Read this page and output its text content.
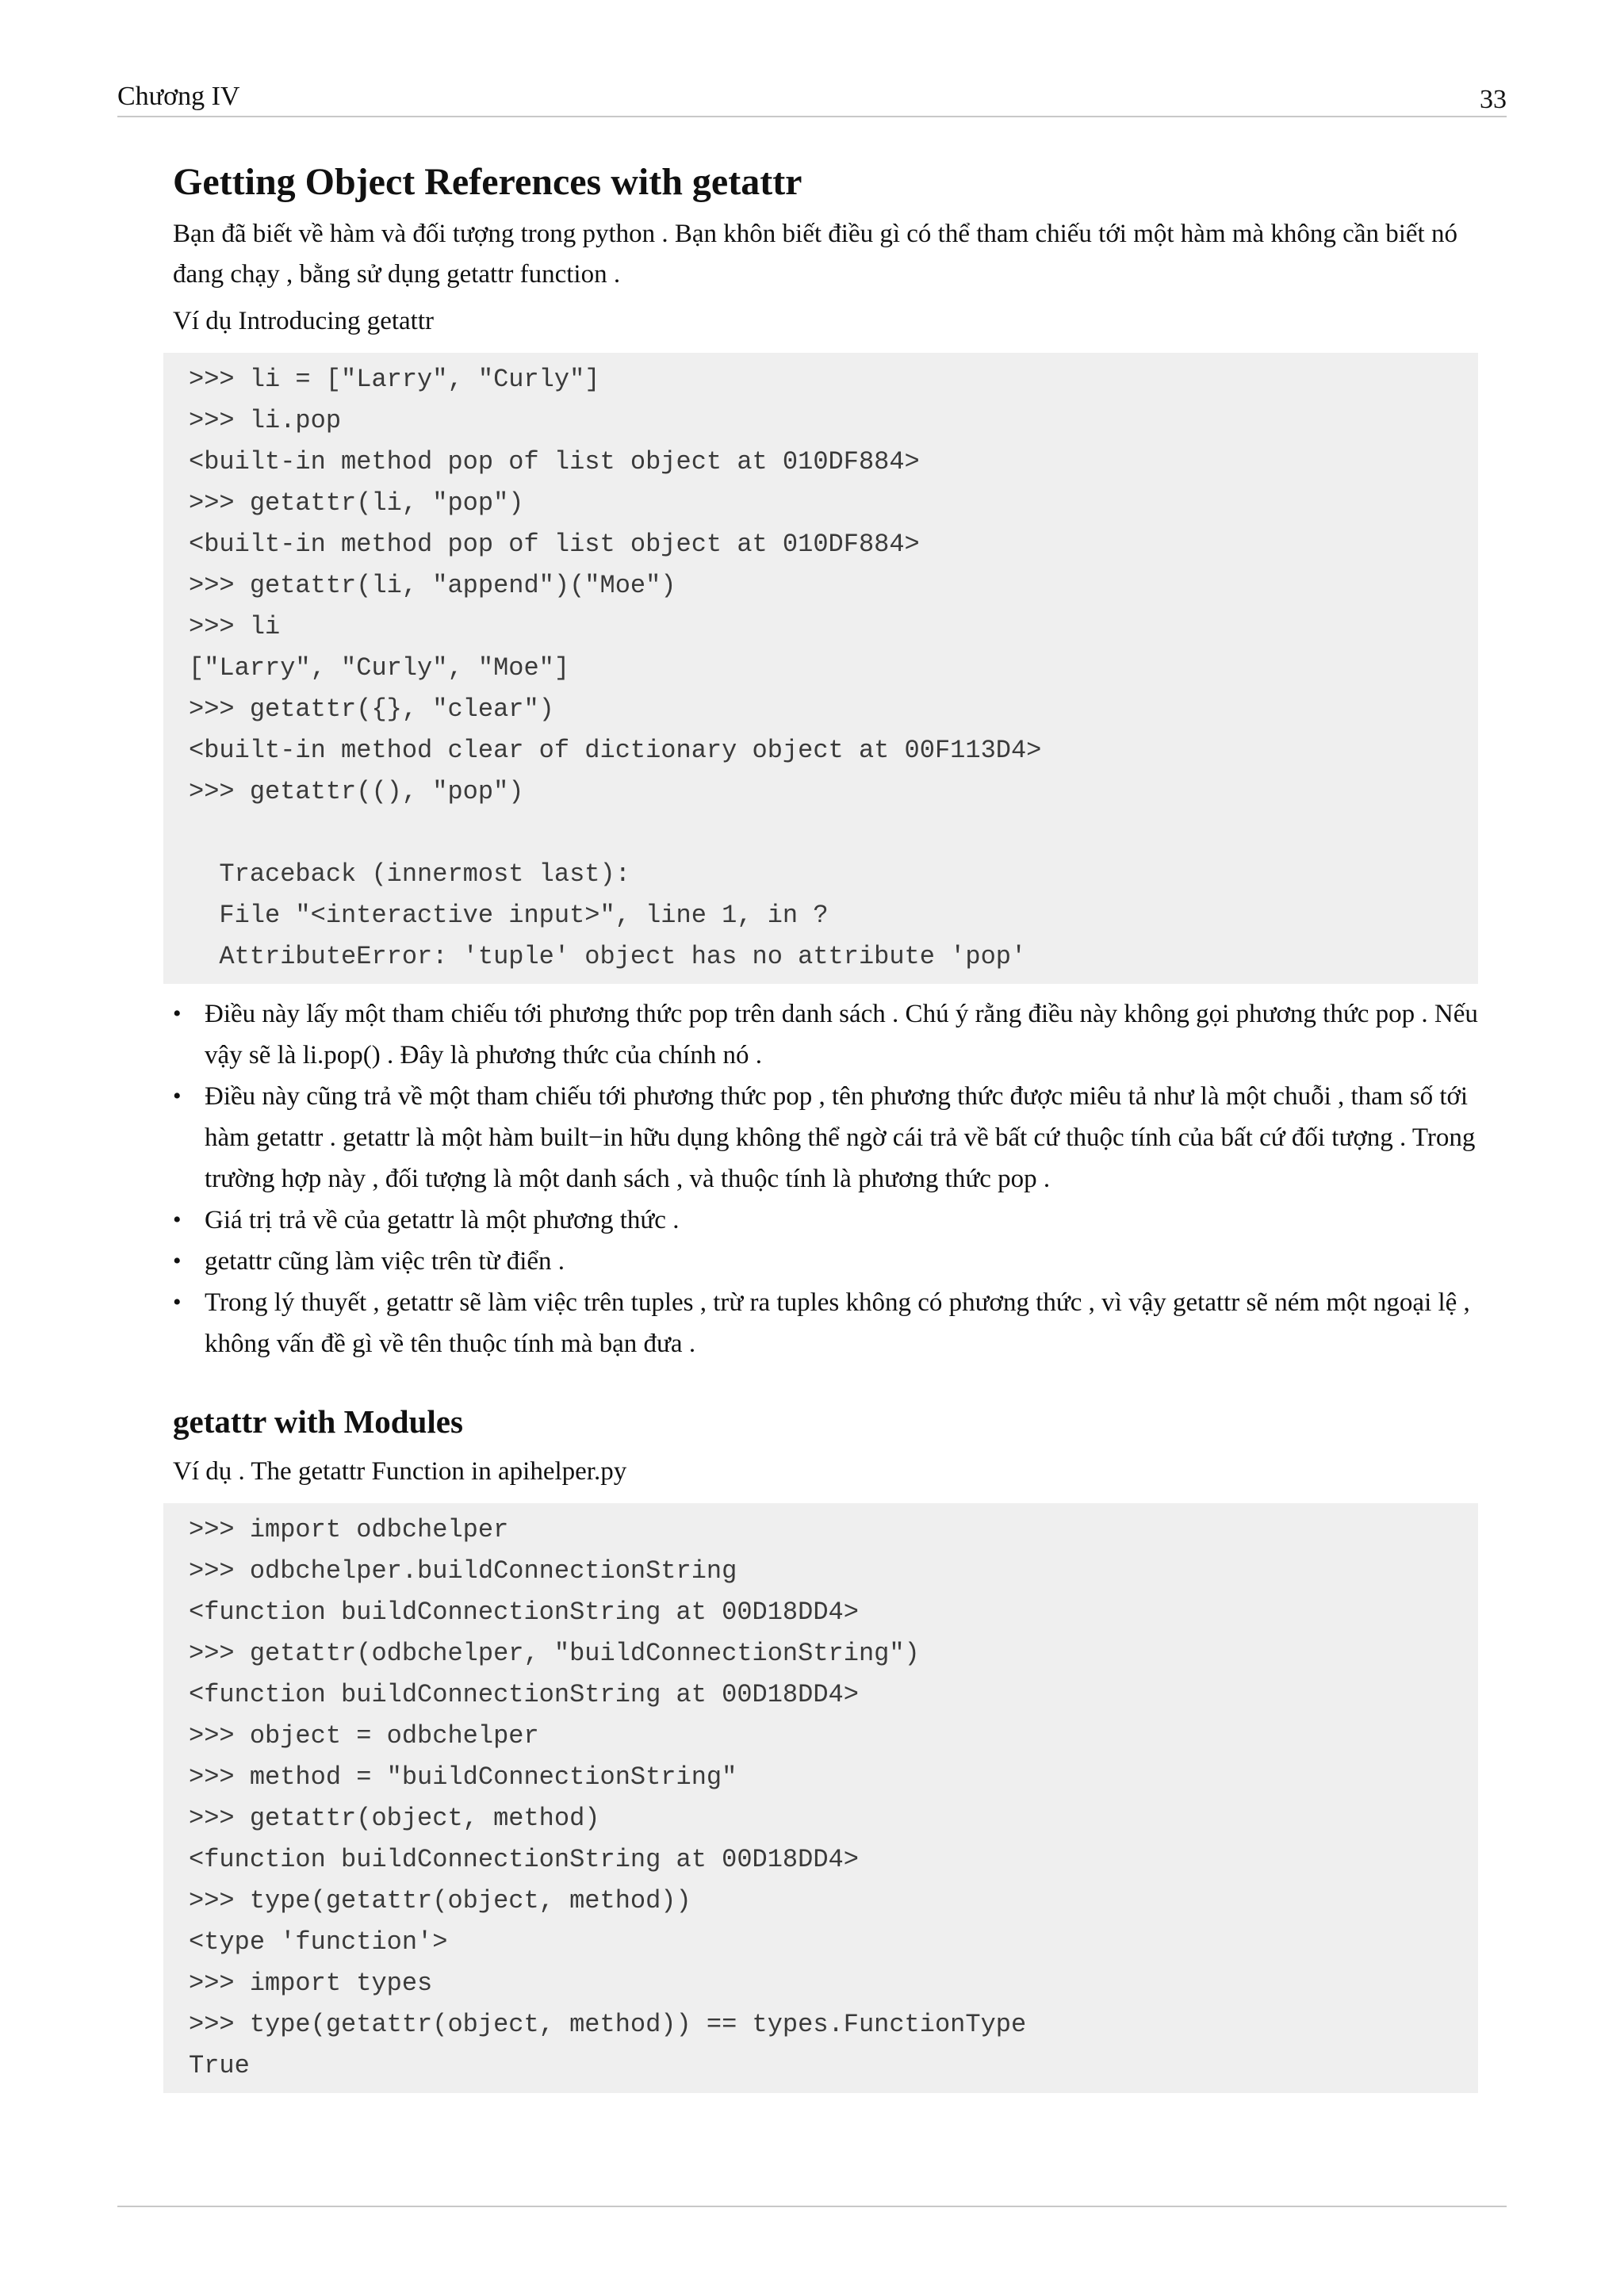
Chương IV	33
Getting Object References with getattr

Bạn đã biết về hàm và đối tượng trong python . Bạn khôn biết điều gì có thể tham chiếu tới một hàm mà không cần biết nó đang chạy , bằng sử dụng getattr function .

Ví dụ Introducing getattr

>>> li = ["Larry", "Curly"]
>>> li.pop
<built-in method pop of list object at 010DF884>
>>> getattr(li, "pop")
<built-in method pop of list object at 010DF884>
>>> getattr(li, "append")("Moe")
>>> li
["Larry", "Curly", "Moe"]
>>> getattr({}, "clear")
<built-in method clear of dictionary object at 00F113D4>
>>> getattr((), "pop")
Traceback (innermost last):
File "<interactive input>", line 1, in ?
AttributeError: 'tuple' object has no attribute 'pop'
• Điều này lấy một tham chiếu tới phương thức pop trên danh sách . Chú ý rằng điều này không gọi phương thức pop . Nếu vậy sẽ là li.pop() . Đây là phương thức của chính nó .
• Điều này cũng trả về một tham chiếu tới phương thức pop , tên phương thức được miêu tả như là một chuỗi , tham số tới hàm getattr . getattr là một hàm built−in hữu dụng không thể ngờ cái trả về bất cứ thuộc tính của bất cứ đối tượng . Trong trường hợp này , đối tượng là một danh sách , và thuộc tính là phương thức pop .
• Giá trị trả về của getattr là một phương thức .
• getattr cũng làm việc trên từ điển .
• Trong lý thuyết , getattr sẽ làm việc trên tuples , trừ ra tuples không có phương thức , vì vậy getattr sẽ ném một ngoại lệ , không vấn đề gì về tên thuộc tính mà bạn đưa .
getattr with Modules

Ví dụ . The getattr Function in apihelper.py

>>> import odbchelper
>>> odbchelper.buildConnectionString
<function buildConnectionString at 00D18DD4>
>>> getattr(odbchelper, "buildConnectionString")
<function buildConnectionString at 00D18DD4>
>>> object = odbchelper
>>> method = "buildConnectionString"
>>> getattr(object, method)
<function buildConnectionString at 00D18DD4>
>>> type(getattr(object, method))
<type 'function'>
>>> import types
>>> type(getattr(object, method)) == types.FunctionType
True
